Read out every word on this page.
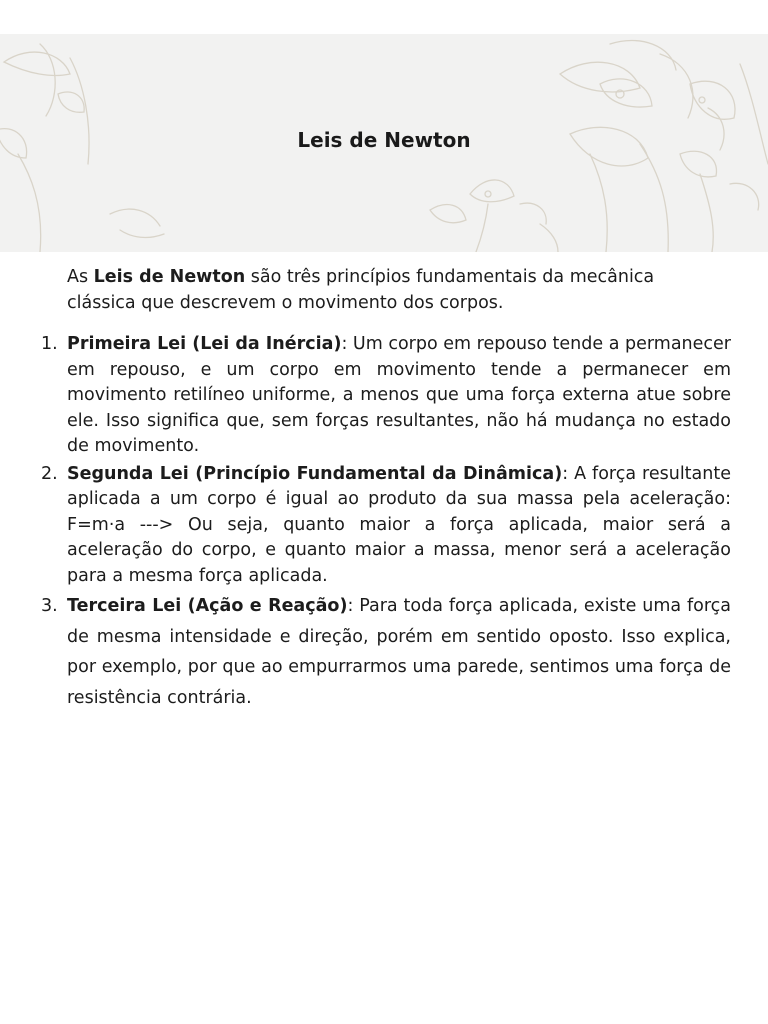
Leis de Newton

As Leis de Newton são três princípios fundamentais da mecânica clássica que descrevem o movimento dos corpos.

1. Primeira Lei (Lei da Inércia): Um corpo em repouso tende a permanecer em repouso, e um corpo em movimento tende a permanecer em movimento retilíneo uniforme, a menos que uma força externa atue sobre ele. Isso significa que, sem forças resultantes, não há mudança no estado de movimento.
2. Segunda Lei (Princípio Fundamental da Dinâmica): A força resultante aplicada a um corpo é igual ao produto da sua massa pela aceleração: F=m⋅a ---> Ou seja, quanto maior a força aplicada, maior será a aceleração do corpo, e quanto maior a massa, menor será a aceleração para a mesma força aplicada.
3. Terceira Lei (Ação e Reação): Para toda força aplicada, existe uma força de mesma intensidade e direção, porém em sentido oposto. Isso explica, por exemplo, por que ao empurrarmos uma parede, sentimos uma força de resistência contrária.
